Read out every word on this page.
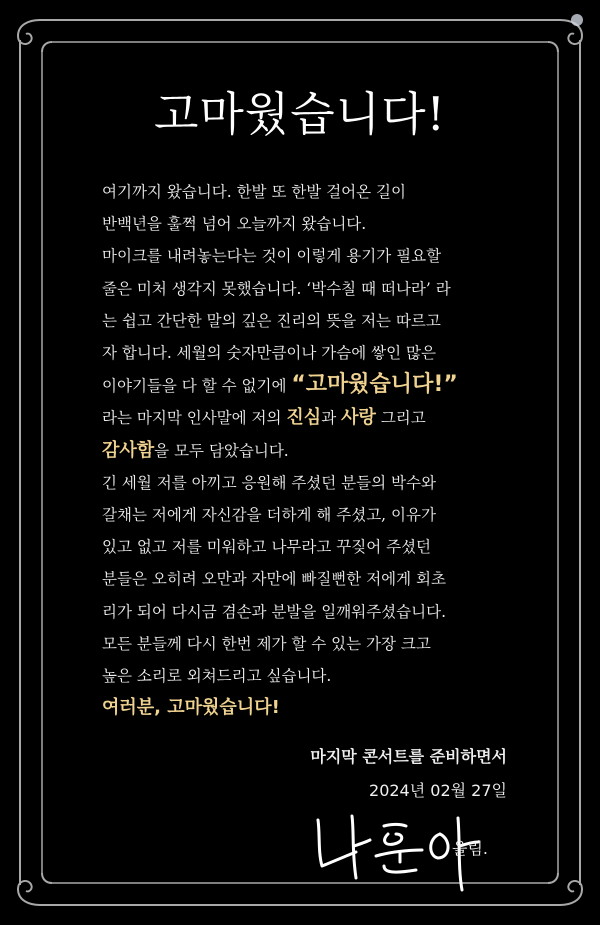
고마웠습니다!
여기까지 왔습니다. 한발 또 한발 걸어온 길이
반백년을 훌쩍 넘어 오늘까지 왔습니다.
마이크를 내려놓는다는 것이 이렇게 용기가 필요할
줄은 미처 생각지 못했습니다. ‘박수칠 때 떠나라’ 라
는 쉽고 간단한 말의 깊은 진리의 뜻을 저는 따르고
자 합니다. 세월의 숫자만큼이나 가슴에 쌓인 많은
이야기들을 다 할 수 없기에 “고마웠습니다!”
라는 마지막 인사말에 저의 진심과 사랑 그리고
감사함을 모두 담았습니다.
긴 세월 저를 아끼고 응원해 주셨던 분들의 박수와
갈채는 저에게 자신감을 더하게 해 주셨고, 이유가
있고 없고 저를 미워하고 나무라고 꾸짖어 주셨던
분들은 오히려 오만과 자만에 빠질뻔한 저에게 회초
리가 되어 다시금 겸손과 분발을 일깨워주셨습니다.
모든 분들께 다시 한번 제가 할 수 있는 가장 크고
높은 소리로 외쳐드리고 싶습니다.
여러분, 고마웠습니다!
마지막 콘서트를 준비하면서
2024년 02월 27일
올림.
